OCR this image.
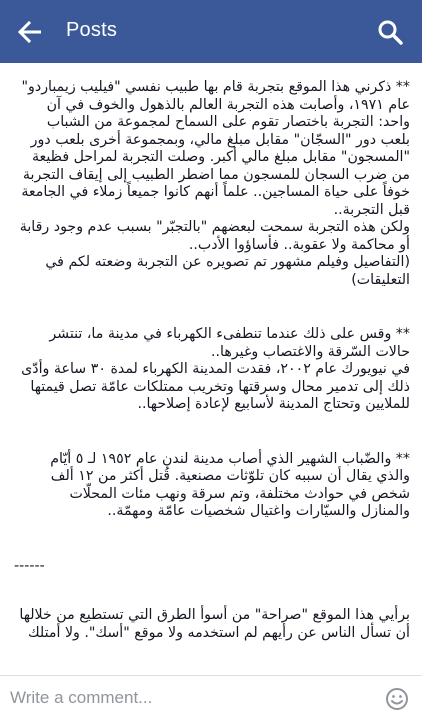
Posts

** ذكرني هذا الموقع بتجربة قام بها طبيب نفسي "فيليب زيمباردو" عام ١٩٧١، وأصابت هذه التجربة العالم بالذهول والخوف في آن واحد: التجربة باختصار تقوم على السماح لمجموعة من الشباب بلعب دور "السجّان" مقابل مبلغ مالي، وبمجموعة أخرى بلعب دور "المسجون" مقابل مبلغ مالي أكبر. وصلت التجربة لمراحل فظيعة من ضرب السجان للمسجون مما اضطر الطبيب إلى إيقاف التجربة خوفاً على حياة المساجين.. علماً أنهم كانوا جميعاً زملاء في الجامعة قبل التجربة..
ولكن هذه التجربة سمحت لبعضهم "بالتجبّر" بسبب عدم وجود رقابة أو محاكمة ولا عقوبة.. فأساؤوا الأدب..
(التفاصيل وفيلم مشهور تم تصويره عن التجربة وضعته لكم في التعليقات)

** وقس على ذلك عندما تنطفىء الكهرباء في مدينة ما، تنتشر حالات السّرقة والاغتصاب وغيرها..
في نيويورك عام ٢٠٠٢، فقدت المدينة الكهرباء لمدة ٣٠ ساعة وأدّى ذلك إلى تدمير محال وسرقتها وتخريب ممتلكات عامّة تصل قيمتها للملايين وتحتاج المدينة لأسابيع لإعادة إصلاحها..

** والضّباب الشهير الذي أصاب مدينة لندن عام ١٩٥٢ لـ ٥ أيّام والذي يقال أن سببه كان تلوّثات مصنعية. قُتل أكثر من ١٢ ألف شخص في حوادث مختلفة، وتم سرقة ونهب مئات المحلّات والمنازل والسيّارات واغتيال شخصيات عامّة ومهمّة..

------

برأيي هذا الموقع "صراحة" من أسوأ الطرق التي تستطيع من خلالها أن تسأل الناس عن رأيهم لم استخدمه ولا موقع "أسك". ولا أمتلك

Write a comment...
